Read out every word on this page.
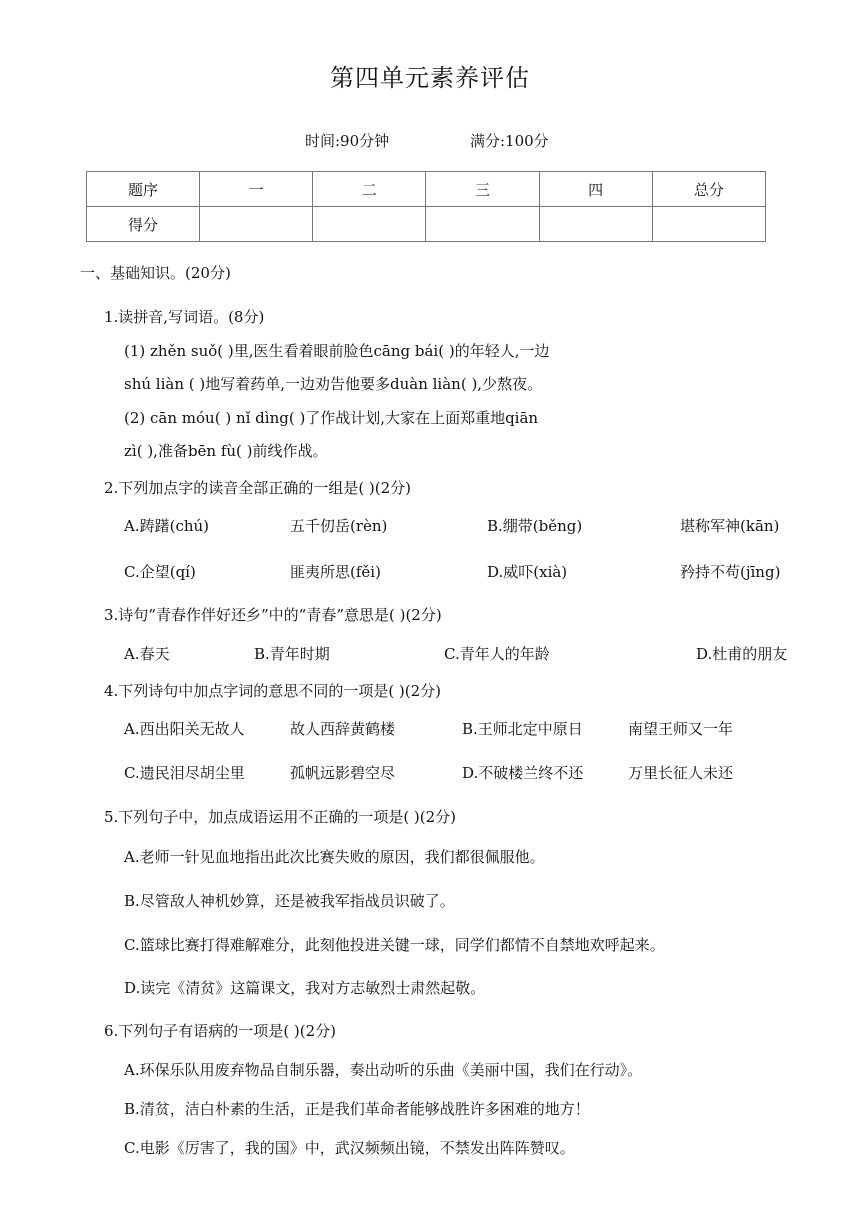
第四单元素养评估
时间:90分钟	满分:100分
题序	一	二	三	四	总分
得分					
一、基础知识。(20分)
1.读拼音,写词语。(8分)
(1) zhěn suǒ( )里,医生看着眼前脸色cāng bái( )的年轻人,一边
shú liàn ( )地写着药单,一边劝告他要多duàn liàn( ),少熬夜。
(2) cān móu( ) nǐ dìng( )了作战计划,大家在上面郑重地qiān
zì( ),准备bēn fù( )前线作战。
2.下列加点字的读音全部正确的一组是( )(2分)
A.踌躇(chú)	五千仞岳(rèn)	B.绷带(běng)	堪称军神(kān)
C.企望(qí)	匪夷所思(fěi)	D.威吓(xià)	矜持不苟(jīng)
3.诗句“青春作伴好还乡”中的“青春”意思是( )(2分)
A.春天	B.青年时期	C.青年人的年龄	D.杜甫的朋友
4.下列诗句中加点字词的意思不同的一项是( )(2分)
A.西出阳关无故人	故人西辞黄鹤楼	B.王师北定中原日	南望王师又一年
C.遗民泪尽胡尘里	孤帆远影碧空尽	D.不破楼兰终不还	万里长征人未还
5.下列句子中，加点成语运用不正确的一项是( )(2分)
A.老师一针见血地指出此次比赛失败的原因，我们都很佩服他。
B.尽管敌人神机妙算，还是被我军指战员识破了。
C.篮球比赛打得难解难分，此刻他投进关键一球，同学们都情不自禁地欢呼起来。
D.读完《清贫》这篇课文，我对方志敏烈士肃然起敬。
6.下列句子有语病的一项是( )(2分)
A.环保乐队用废弃物品自制乐器，奏出动听的乐曲《美丽中国，我们在行动》。
B.清贫，洁白朴素的生活，正是我们革命者能够战胜许多困难的地方！
C.电影《厉害了，我的国》中，武汉频频出镜，不禁发出阵阵赞叹。
